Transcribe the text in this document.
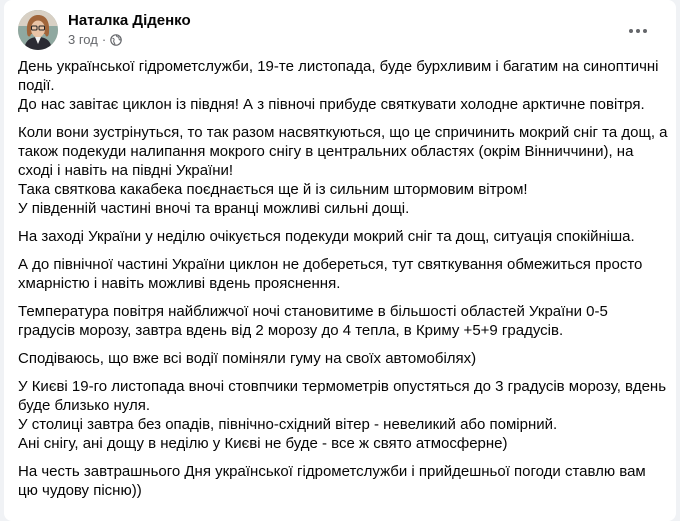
Наталка Діденко
3 год ·
День української гідрометслужби, 19-те листопада, буде бурхливим і багатим на синоптичні події.
До нас завітає циклон із півдня! А з півночі прибуде святкувати холодне арктичне повітря.
Коли вони зустрінуться, то так разом насвяткуються, що це спричинить мокрий сніг та дощ, а також подекуди налипання мокрого снігу в центральних областях (окрім Вінниччини), на сході і навіть на півдні України!
Така святкова какабека поєднається ще й із сильним штормовим вітром!
У південній частині вночі та вранці можливі сильні дощі.
На заході України у неділю очікується подекуди мокрий сніг та дощ, ситуація спокійніша.
А до північної частині України циклон не добереться, тут святкування обмежиться просто хмарністю і навіть можливі вдень прояснення.
Температура повітря найближчої ночі становитиме в більшості областей України 0-5 градусів морозу, завтра вдень від 2 морозу до 4 тепла, в Криму +5+9 градусів.
Сподіваюсь, що вже всі водії поміняли гуму на своїх автомобілях)
У Києві 19-го листопада вночі стовпчики термометрів опустяться до 3 градусів морозу, вдень буде близько нуля.
У столиці завтра без опадів, північно-східний вітер - невеликий або помірний.
Ані снігу, ані дощу в неділю у Києві не буде - все ж свято атмосферне)
На честь завтрашнього Дня української гідрометслужби і прийдешньої погоди ставлю вам цю чудову пісню))
